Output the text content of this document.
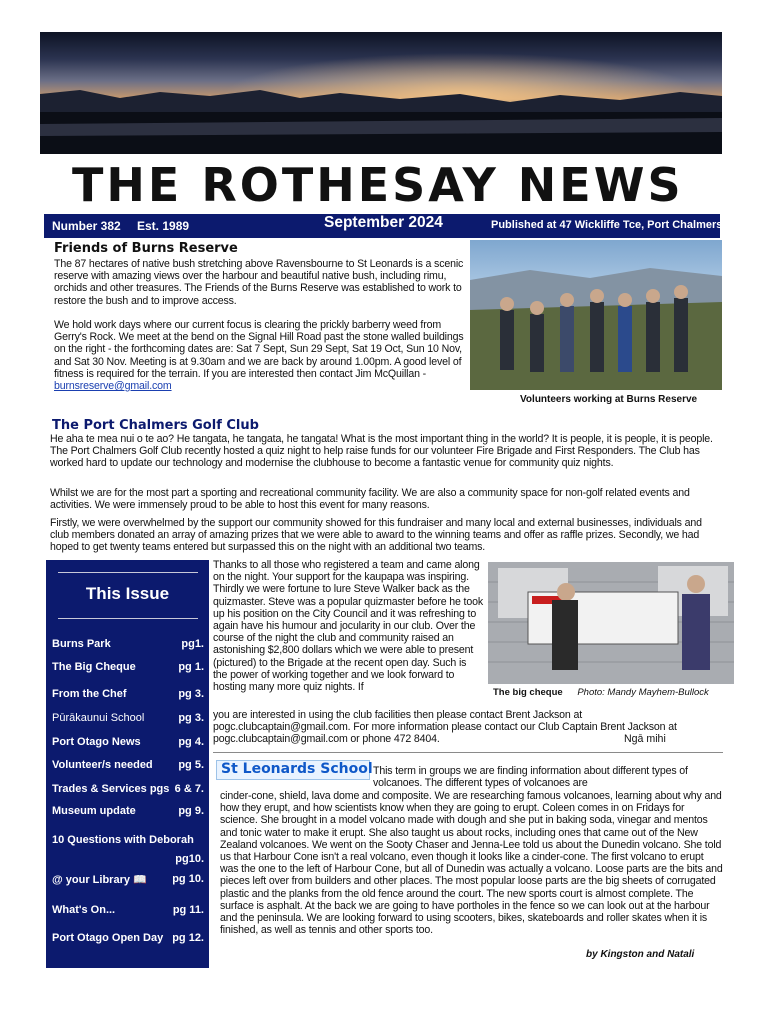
THE ROTHESAY NEWS
Number 382 Est. 1989	September 2024	Published at 47 Wickliffe Tce, Port Chalmers
Friends of Burns Reserve

The 87 hectares of native bush stretching above Ravensbourne to St Leonards is a scenic reserve with amazing views over the harbour and beautiful native bush, including rimu, orchids and other treasures. The Friends of the Burns Reserve was established to work to restore the bush and to improve access.

We hold work days where our current focus is clearing the prickly barberry weed from Gerry's Rock. We meet at the bend on the Signal Hill Road past the stone walled buildings on the right - the forthcoming dates are: Sat 7 Sept, Sun 29 Sept, Sat 19 Oct, Sun 10 Nov, and Sat 30 Nov. Meeting is at 9.30am and we are back by around 1.00pm. A good level of fitness is required for the terrain. If you are interested then contact Jim McQuillan -
burnsreserve@gmail.com

Volunteers working at Burns Reserve
The Port Chalmers Golf Club

He aha te mea nui o te ao? He tangata, he tangata, he tangata! What is the most important thing in the world? It is people, it is people, it is people. The Port Chalmers Golf Club recently hosted a quiz night to help raise funds for our volunteer Fire Brigade and First Responders. The Club has worked hard to update our technology and modernise the clubhouse to become a fantastic venue for community quiz nights.

Whilst we are for the most part a sporting and recreational community facility. We are also a community space for non-golf related events and activities. We were immensely proud to be able to host this event for many reasons.

Firstly, we were overwhelmed by the support our community showed for this fundraiser and many local and external businesses, individuals and club members donated an array of amazing prizes that we were able to award to the winning teams and offer as raffle prizes. Secondly, we had hoped to get twenty teams entered but surpassed this on the night with an additional two teams.

Thanks to all those who registered a team and came along on the night. Your support for the kaupapa was inspiring. Thirdly we were fortune to lure Steve Walker back as the quizmaster. Steve was a popular quizmaster before he took up his position on the City Council and it was refreshing to again have his humour and jocularity in our club. Over the course of the night the club and community raised an astonishing $2,800 dollars which we were able to present (pictured) to the Brigade at the recent open day. Such is the power of working together and we look forward to hosting many more quiz nights. If

you are interested in using the club facilities then please contact Brent Jackson at pogc.clubcaptain@gmail.com. For more information please contact our Club Captain Brent Jackson at pogc.clubcaptain@gmail.com or phone 472 8404.	Ngā mihi
The big cheque Photo: Mandy Mayhem-Bullock
This Issue
Burns Park	pg1.
The Big Cheque	pg 1.
From the Chef	pg 3.
Pūrākaunui School	pg 3.
Port Otago News	pg 4.
Volunteer/s needed pg 5.
Trades & Services pgs 6 & 7.
Museum update	pg 9.
10 Questions with Deborah
pg10.
@ your Library 📖 pg 10.
What's On...	pg 11.
Port Otago Open Day pg 12.
St Leonards School This term in groups we are finding information about different types of volcanoes. The different types of volcanoes are

cinder-cone, shield, lava dome and composite. We are researching famous volcanoes, learning about why and how they erupt, and how scientists know when they are going to erupt. Coleen comes in on Fridays for science. She brought in a model volcano made with dough and she put in baking soda, vinegar and mentos and tonic water to make it erupt. She also taught us about rocks, including ones that came out of the New Zealand volcanoes. We went on the Sooty Chaser and Jenna-Lee told us about the Dunedin volcano. She told us that Harbour Cone isn't a real volcano, even though it looks like a cinder-cone. The first volcano to erupt was the one to the left of Harbour Cone, but all of Dunedin was actually a volcano. Loose parts are the bits and pieces left over from builders and other places. The most popular loose parts are the big sheets of corrugated plastic and the planks from the old fence around the court. The new sports court is almost complete. The surface is asphalt. At the back we are going to have portholes in the fence so we can look out at the harbour and the peninsula. We are looking forward to using scooters, bikes, skateboards and roller skates when it is finished, as well as tennis and other sports too.

by Kingston and Natali
